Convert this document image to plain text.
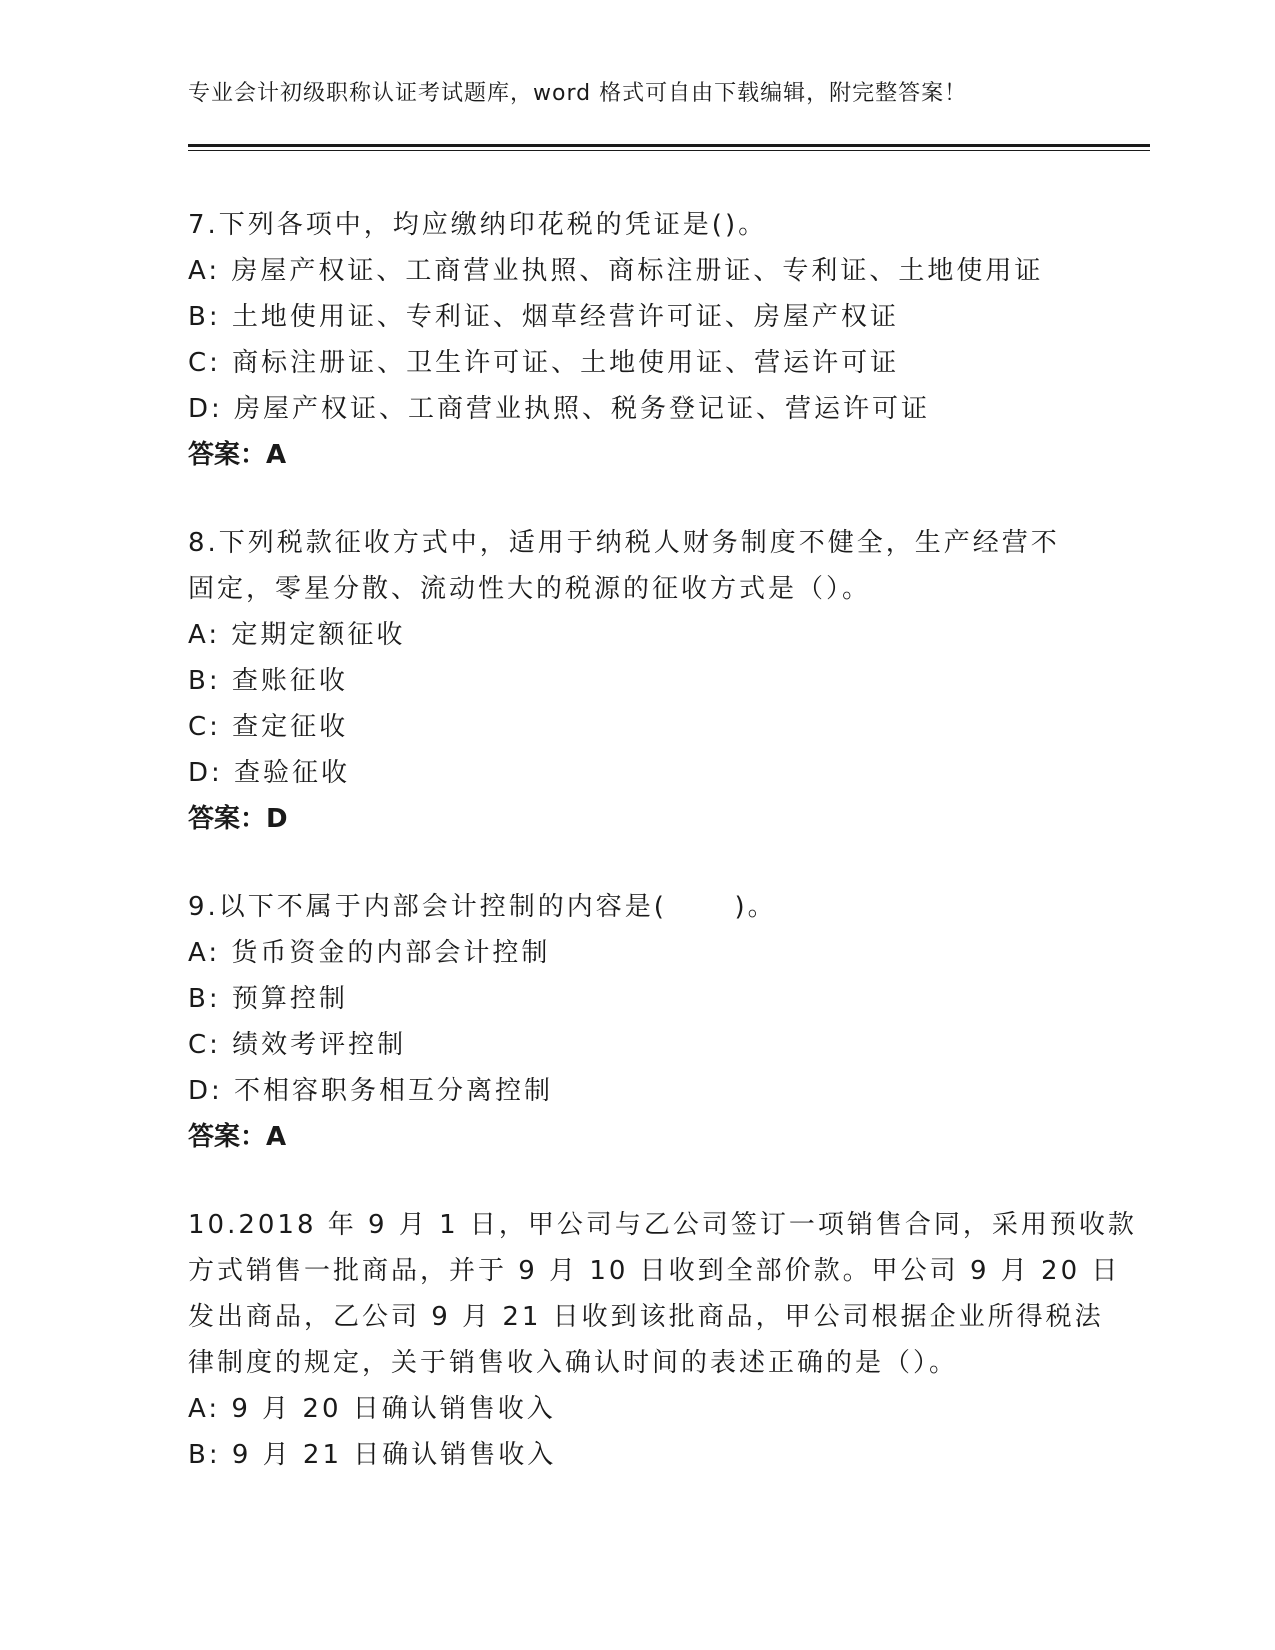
专业会计初级职称认证考试题库，word 格式可自由下载编辑，附完整答案！
7.下列各项中，均应缴纳印花税的凭证是()。
A: 房屋产权证、工商营业执照、商标注册证、专利证、土地使用证
B: 土地使用证、专利证、烟草经营许可证、房屋产权证
C: 商标注册证、卫生许可证、土地使用证、营运许可证
D: 房屋产权证、工商营业执照、税务登记证、营运许可证
答案：A
8.下列税款征收方式中，适用于纳税人财务制度不健全，生产经营不
固定，零星分散、流动性大的税源的征收方式是（）。
A: 定期定额征收
B: 查账征收
C: 查定征收
D: 查验征收
答案：D
9.以下不属于内部会计控制的内容是(      )。
A: 货币资金的内部会计控制
B: 预算控制
C: 绩效考评控制
D: 不相容职务相互分离控制
答案：A
10.2018 年 9 月 1 日，甲公司与乙公司签订一项销售合同，采用预收款
方式销售一批商品，并于 9 月 10 日收到全部价款。甲公司 9 月 20 日
发出商品，乙公司 9 月 21 日收到该批商品，甲公司根据企业所得税法
律制度的规定，关于销售收入确认时间的表述正确的是（）。
A: 9 月 20 日确认销售收入
B: 9 月 21 日确认销售收入
